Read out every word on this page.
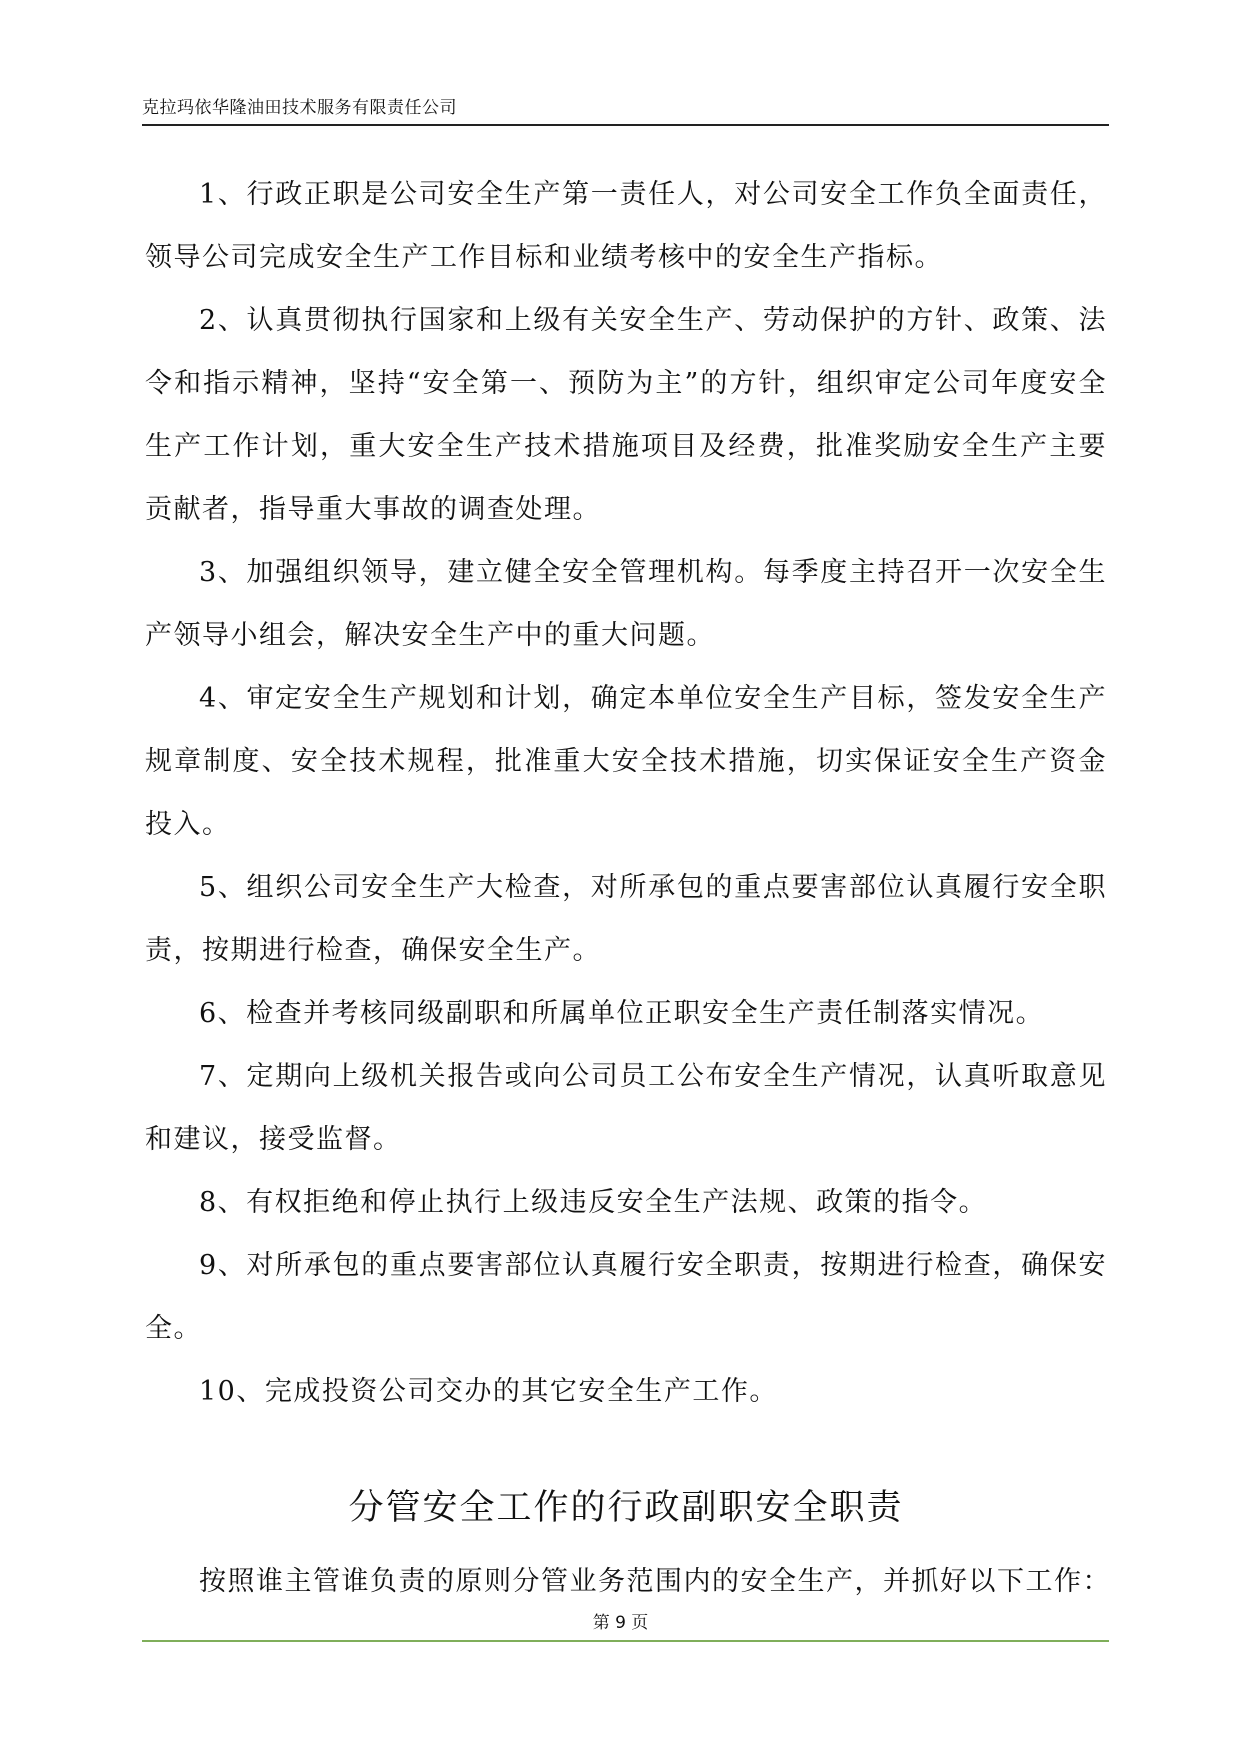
克拉玛依华隆油田技术服务有限责任公司

1、行政正职是公司安全生产第一责任人，对公司安全工作负全面责任，领导公司完成安全生产工作目标和业绩考核中的安全生产指标。

2、认真贯彻执行国家和上级有关安全生产、劳动保护的方针、政策、法令和指示精神，坚持“安全第一、预防为主”的方针，组织审定公司年度安全生产工作计划，重大安全生产技术措施项目及经费，批准奖励安全生产主要贡献者，指导重大事故的调查处理。

3、加强组织领导，建立健全安全管理机构。每季度主持召开一次安全生产领导小组会，解决安全生产中的重大问题。

4、审定安全生产规划和计划，确定本单位安全生产目标，签发安全生产规章制度、安全技术规程，批准重大安全技术措施，切实保证安全生产资金投入。

5、组织公司安全生产大检查，对所承包的重点要害部位认真履行安全职责，按期进行检查，确保安全生产。

6、检查并考核同级副职和所属单位正职安全生产责任制落实情况。

7、定期向上级机关报告或向公司员工公布安全生产情况，认真听取意见和建议，接受监督。

8、有权拒绝和停止执行上级违反安全生产法规、政策的指令。

9、对所承包的重点要害部位认真履行安全职责，按期进行检查，确保安全。

10、完成投资公司交办的其它安全生产工作。

分管安全工作的行政副职安全职责

按照谁主管谁负责的原则分管业务范围内的安全生产，并抓好以下工作：

第 9 页
